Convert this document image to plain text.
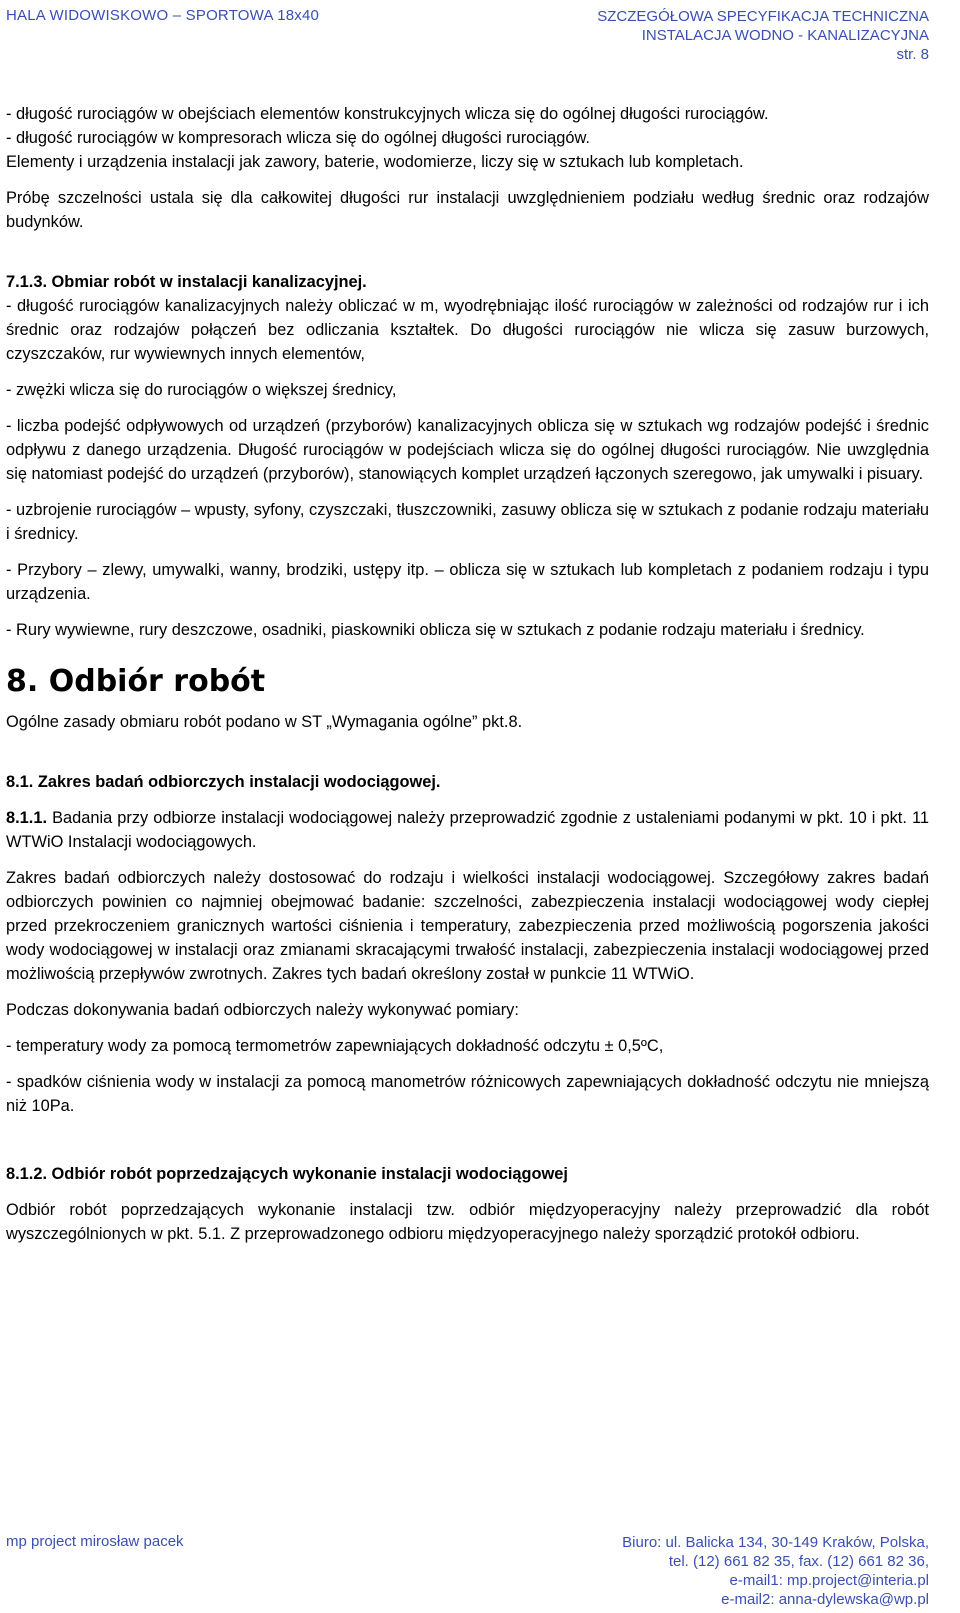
HALA WIDOWISKOWO – SPORTOWA 18x40	SZCZEGÓŁOWA SPECYFIKACJA TECHNICZNA
INSTALACJA WODNO - KANALIZACYJNA
str. 8

- długość rurociągów w obejściach elementów konstrukcyjnych wlicza się do ogólnej długości rurociągów.

- długość rurociągów w kompresorach wlicza się do ogólnej długości rurociągów.

Elementy i urządzenia instalacji jak zawory, baterie, wodomierze, liczy się w sztukach lub kompletach.

Próbę szczelności ustala się dla całkowitej długości rur instalacji uwzględnieniem podziału według średnic oraz rodzajów budynków.

7.1.3. Obmiar robót w instalacji kanalizacyjnej.

- długość rurociągów kanalizacyjnych należy obliczać w m, wyodrębniając ilość rurociągów w zależności od rodzajów rur i ich średnic oraz rodzajów połączeń bez odliczania kształtek. Do długości rurociągów nie wlicza się zasuw burzowych, czyszczaków, rur wywiewnych innych elementów,

- zwężki wlicza się do rurociągów o większej średnicy,

- liczba podejść odpływowych od urządzeń (przyborów) kanalizacyjnych oblicza się w sztukach wg rodzajów podejść i średnic odpływu z danego urządzenia. Długość rurociągów w podejściach wlicza się do ogólnej długości rurociągów. Nie uwzględnia się natomiast podejść do urządzeń (przyborów), stanowiących komplet urządzeń łączonych szeregowo, jak umywalki i pisuary.

- uzbrojenie rurociągów – wpusty, syfony, czyszczaki, tłuszczowniki, zasuwy oblicza się w sztukach z podanie rodzaju materiału i średnicy.

- Przybory – zlewy, umywalki, wanny, brodziki, ustępy itp. – oblicza się w sztukach lub kompletach z podaniem rodzaju i typu urządzenia.

- Rury wywiewne, rury deszczowe, osadniki, piaskowniki oblicza się w sztukach z podanie rodzaju materiału i średnicy.

8. Odbiór robót

Ogólne zasady obmiaru robót podano w ST „Wymagania ogólne” pkt.8.

8.1. Zakres badań odbiorczych instalacji wodociągowej.

8.1.1. Badania przy odbiorze instalacji wodociągowej należy przeprowadzić zgodnie z ustaleniami podanymi w pkt. 10 i pkt. 11 WTWiO Instalacji wodociągowych.

Zakres badań odbiorczych należy dostosować do rodzaju i wielkości instalacji wodociągowej. Szczegółowy zakres badań odbiorczych powinien co najmniej obejmować badanie: szczelności, zabezpieczenia instalacji wodociągowej wody ciepłej przed przekroczeniem granicznych wartości ciśnienia i temperatury, zabezpieczenia przed możliwością pogorszenia jakości wody wodociągowej w instalacji oraz zmianami skracającymi trwałość instalacji, zabezpieczenia instalacji wodociągowej przed możliwością przepływów zwrotnych. Zakres tych badań określony został w punkcie 11 WTWiO.

Podczas dokonywania badań odbiorczych należy wykonywać pomiary:

- temperatury wody za pomocą termometrów zapewniających dokładność odczytu ± 0,5ºC,

- spadków ciśnienia wody w instalacji za pomocą manometrów różnicowych zapewniających dokładność odczytu nie mniejszą niż 10Pa.

8.1.2. Odbiór robót poprzedzających wykonanie instalacji wodociągowej

Odbiór robót poprzedzających wykonanie instalacji tzw. odbiór międzyoperacyjny należy przeprowadzić dla robót wyszczególnionych w pkt. 5.1. Z przeprowadzonego odbioru międzyoperacyjnego należy sporządzić protokół odbioru.

mp project mirosław pacek	Biuro: ul. Balicka 134, 30-149 Kraków, Polska,
tel. (12) 661 82 35, fax. (12) 661 82 36,
e-mail1: mp.project@interia.pl
e-mail2: anna-dylewska@wp.pl
